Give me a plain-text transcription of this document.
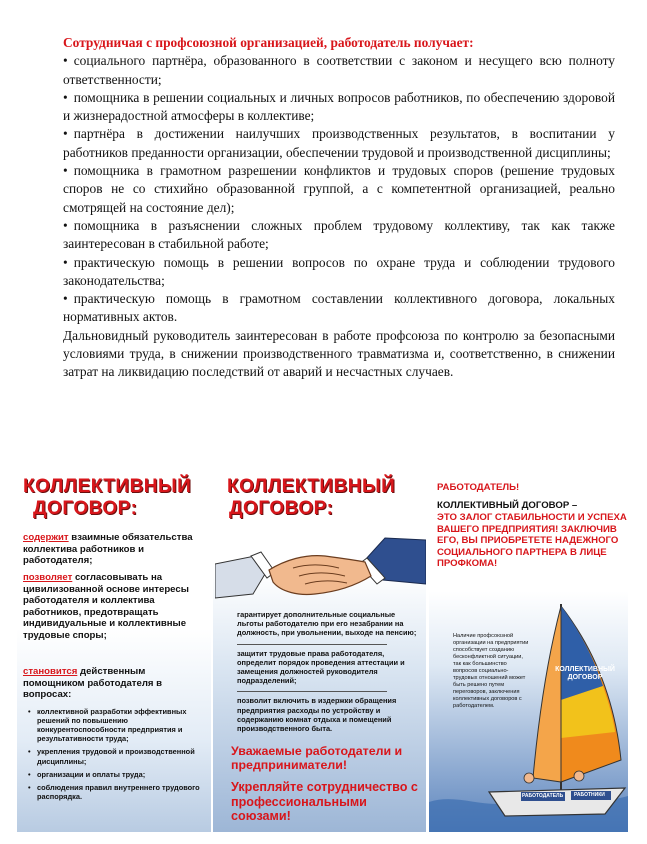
Сотрудничая с профсоюзной организацией, работодатель получает:

• социального партнёра, образованного в соответствии с законом и несущего всю полноту ответственности;

• помощника в решении социальных и личных вопросов работников, по обеспечению здоровой и жизнерадостной атмосферы в коллективе;

• партнёра в достижении наилучших производственных результатов, в воспитании у работников преданности организации, обеспечении трудовой и производственной дисциплины;

• помощника в грамотном разрешении конфликтов и трудовых споров (решение трудовых споров не со стихийно образованной группой, а с компетентной организацией, реально смотрящей на состояние дел);

• помощника в разъяснении сложных проблем трудовому коллективу, так как также заинтересован в стабильной работе;

• практическую помощь в решении вопросов по охране труда и соблюдении трудового законодательства;

• практическую помощь в грамотном составлении коллективного договора, локальных нормативных актов.

Дальновидный руководитель заинтересован в работе профсоюза по контролю за безопасными условиями труда, в снижении производственного травматизма и, соответственно, в снижении затрат на ликвидацию последствий от аварий и несчастных случаев.

КОЛЛЕКТИВНЫЙ
ДОГОВОР:
содержит взаимные обязательства коллектива работников и работодателя;
позволяет согласовывать на цивилизованной основе интересы работодателя и коллектива работников, предотвращать индивидуальные и коллективные трудовые споры;
становится действенным помощником работодателя в вопросах:
• коллективной разработки эффективных решений по повышению конкурентоспособности предприятия и результативности труда;
• укрепления трудовой и производственной дисциплины;
• организации и оплаты труда;
• соблюдения правил внутреннего трудового распорядка.
КОЛЛЕКТИВНЫЙ
ДОГОВОР:
гарантирует дополнительные социальные льготы работодателю при его незабрании на должность, при увольнении, выходе на пенсию;
защитит трудовые права работодателя, определит порядок проведения аттестации и замещения должностей руководителя подразделений;
позволит включить в издержки обращения предприятия расходы по устройству и содержанию комнат отдыха и помещений производственного быта.
Уважаемые работодатели и предприниматели!
Укрепляйте сотрудничество с профессиональными союзами!
РАБОТОДАТЕЛЬ!
КОЛЛЕКТИВНЫЙ ДОГОВОР –
ЭТО ЗАЛОГ СТАБИЛЬНОСТИ И УСПЕХА ВАШЕГО ПРЕДПРИЯТИЯ! ЗАКЛЮЧИВ ЕГО, ВЫ ПРИОБРЕТЕТЕ НАДЕЖНОГО СОЦИАЛЬНОГО ПАРТНЕРА В ЛИЦЕ ПРОФКОМА!
Наличие профсоюзной организации на предприятии способствует созданию бесконфликтной ситуации, так как большинство вопросов социально-трудовых отношений может быть решено путем переговоров, заключения коллективных договоров с работодателем.
КОЛЛЕКТИВНЫЙ
ДОГОВОР
РАБОТОДАТЕЛЬ РАБОТНИКИ
